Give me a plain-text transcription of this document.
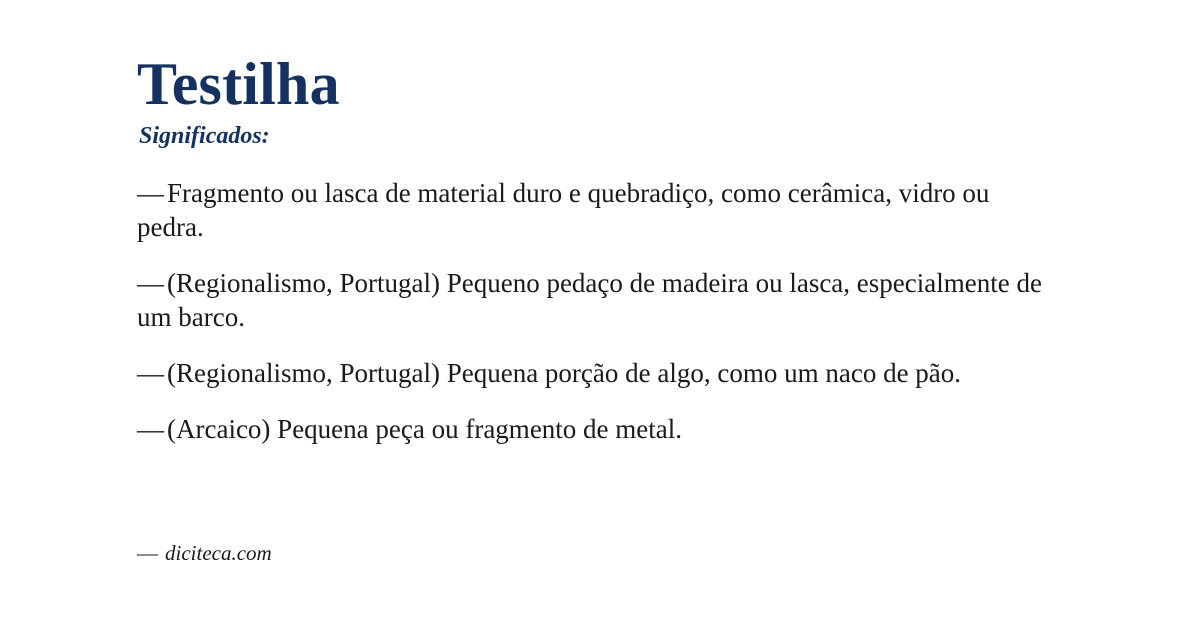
Testilha
Significados:

— Fragmento ou lasca de material duro e quebradiço, como cerâmica, vidro ou pedra.

— (Regionalismo, Portugal) Pequeno pedaço de madeira ou lasca, especialmente de um barco.

— (Regionalismo, Portugal) Pequena porção de algo, como um naco de pão.

— (Arcaico) Pequena peça ou fragmento de metal.

— diciteca.com
